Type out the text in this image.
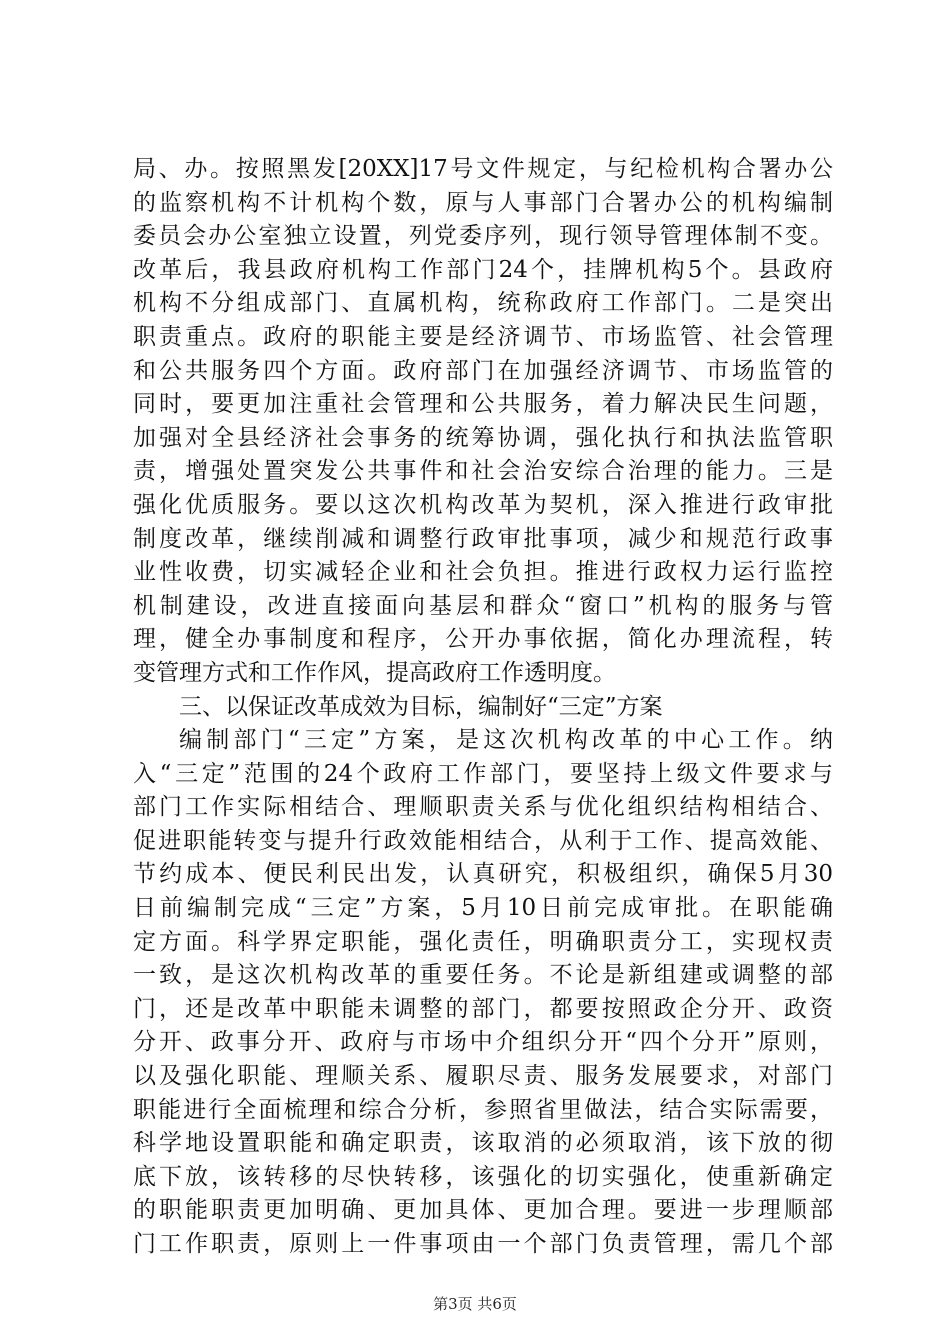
局、办。按照黑发[20XX]17号文件规定，与纪检机构合署办公
的监察机构不计机构个数，原与人事部门合署办公的机构编制
委员会办公室独立设置，列党委序列，现行领导管理体制不变。
改革后，我县政府机构工作部门24个，挂牌机构5个。县政府
机构不分组成部门、直属机构，统称政府工作部门。二是突出
职责重点。政府的职能主要是经济调节、市场监管、社会管理
和公共服务四个方面。政府部门在加强经济调节、市场监管的
同时，要更加注重社会管理和公共服务，着力解决民生问题，
加强对全县经济社会事务的统筹协调，强化执行和执法监管职
责，增强处置突发公共事件和社会治安综合治理的能力。三是
强化优质服务。要以这次机构改革为契机，深入推进行政审批
制度改革，继续削减和调整行政审批事项，减少和规范行政事
业性收费，切实减轻企业和社会负担。推进行政权力运行监控
机制建设，改进直接面向基层和群众“窗口”机构的服务与管
理，健全办事制度和程序，公开办事依据，简化办理流程，转
变管理方式和工作作风，提高政府工作透明度。
三、以保证改革成效为目标，编制好“三定”方案
编制部门“三定”方案，是这次机构改革的中心工作。纳
入“三定”范围的24个政府工作部门，要坚持上级文件要求与
部门工作实际相结合、理顺职责关系与优化组织结构相结合、
促进职能转变与提升行政效能相结合，从利于工作、提高效能、
节约成本、便民利民出发，认真研究，积极组织，确保5月30
日前编制完成“三定”方案，5月10日前完成审批。在职能确
定方面。科学界定职能，强化责任，明确职责分工，实现权责
一致，是这次机构改革的重要任务。不论是新组建或调整的部
门，还是改革中职能未调整的部门，都要按照政企分开、政资
分开、政事分开、政府与市场中介组织分开“四个分开”原则，
以及强化职能、理顺关系、履职尽责、服务发展要求，对部门
职能进行全面梳理和综合分析，参照省里做法，结合实际需要，
科学地设置职能和确定职责，该取消的必须取消，该下放的彻
底下放，该转移的尽快转移，该强化的切实强化，使重新确定
的职能职责更加明确、更加具体、更加合理。要进一步理顺部
门工作职责，原则上一件事项由一个部门负责管理，需几个部
第3页 共6页
